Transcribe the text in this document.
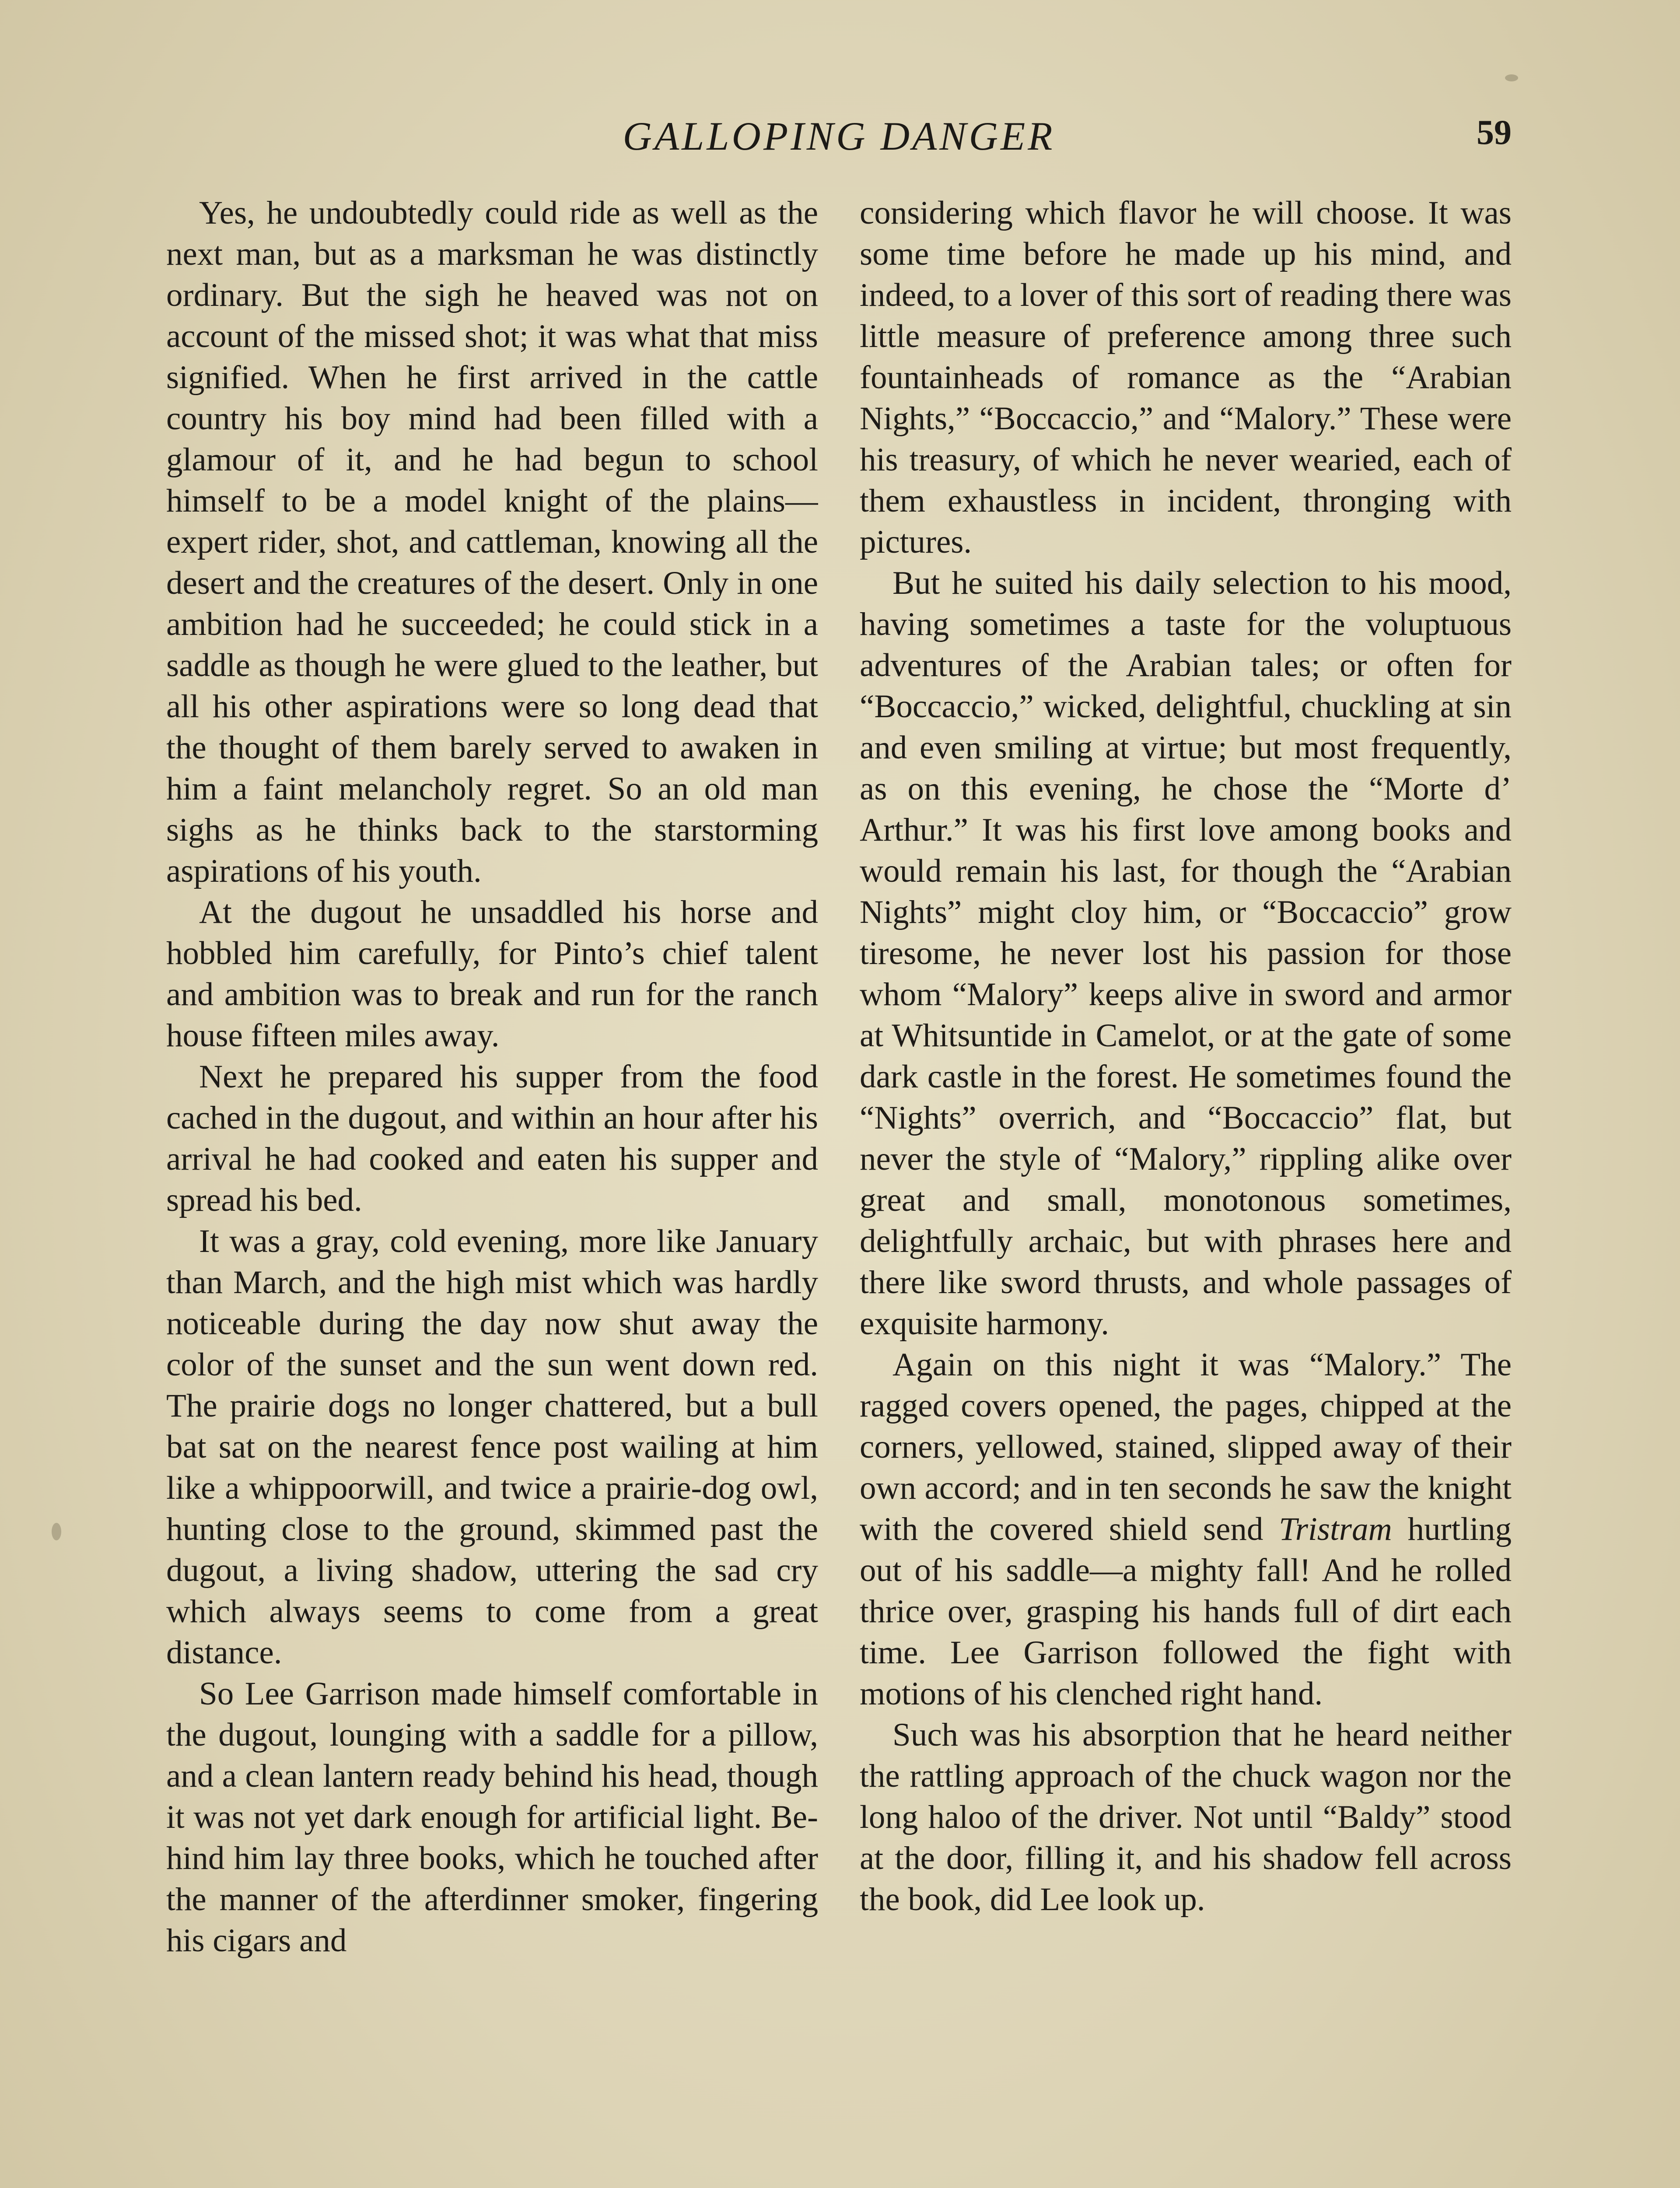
GALLOPING DANGER	59

Yes, he undoubtedly could ride as well as the next man, but as a marksman he was distinctly ordinary. But the sigh he heaved was not on account of the missed shot; it was what that miss signified. When he first arrived in the cattle country his boy mind had been filled with a glamour of it, and he had begun to school himself to be a model knight of the plains—expert rider, shot, and cattleman, knowing all the desert and the creatures of the desert. Only in one ambition had he succeeded; he could stick in a saddle as though he were glued to the leather, but all his other aspirations were so long dead that the thought of them barely served to awaken in him a faint melancholy regret. So an old man sighs as he thinks back to the starstorming aspirations of his youth.

At the dugout he unsaddled his horse and hobbled him carefully, for Pinto’s chief talent and ambition was to break and run for the ranch house fifteen miles away.

Next he prepared his supper from the food cached in the dugout, and within an hour after his arrival he had cooked and eaten his supper and spread his bed.

It was a gray, cold evening, more like January than March, and the high mist which was hardly noticeable during the day now shut away the color of the sunset and the sun went down red. The prairie dogs no longer chattered, but a bull bat sat on the nearest fence post wailing at him like a whippoorwill, and twice a prairie-dog owl, hunting close to the ground, skimmed past the dugout, a living shadow, uttering the sad cry which always seems to come from a great distance.

So Lee Garrison made himself comfortable in the dugout, lounging with a saddle for a pillow, and a clean lantern ready behind his head, though it was not yet dark enough for artificial light. Behind him lay three books, which he touched after the manner of the afterdinner smoker, fingering his cigars and

considering which flavor he will choose. It was some time before he made up his mind, and indeed, to a lover of this sort of reading there was little measure of preference among three such fountainheads of romance as the “Arabian Nights,” “Boccaccio,” and “Malory.” These were his treasury, of which he never wearied, each of them exhaustless in incident, thronging with pictures.

But he suited his daily selection to his mood, having sometimes a taste for the voluptuous adventures of the Arabian tales; or often for “Boccaccio,” wicked, delightful, chuckling at sin and even smiling at virtue; but most frequently, as on this evening, he chose the “Morte d’ Arthur.” It was his first love among books and would remain his last, for though the “Arabian Nights” might cloy him, or “Boccaccio” grow tiresome, he never lost his passion for those whom “Malory” keeps alive in sword and armor at Whitsuntide in Camelot, or at the gate of some dark castle in the forest. He sometimes found the “Nights” overrich, and “Boccaccio” flat, but never the style of “Malory,” rippling alike over great and small, monotonous sometimes, delightfully archaic, but with phrases here and there like sword thrusts, and whole passages of exquisite harmony.

Again on this night it was “Malory.” The ragged covers opened, the pages, chipped at the corners, yellowed, stained, slipped away of their own accord; and in ten seconds he saw the knight with the covered shield send Tristram hurtling out of his saddle—a mighty fall! And he rolled thrice over, grasping his hands full of dirt each time. Lee Garrison followed the fight with motions of his clenched right hand.

Such was his absorption that he heard neither the rattling approach of the chuck wagon nor the long haloo of the driver. Not until “Baldy” stood at the door, filling it, and his shadow fell across the book, did Lee look up.
